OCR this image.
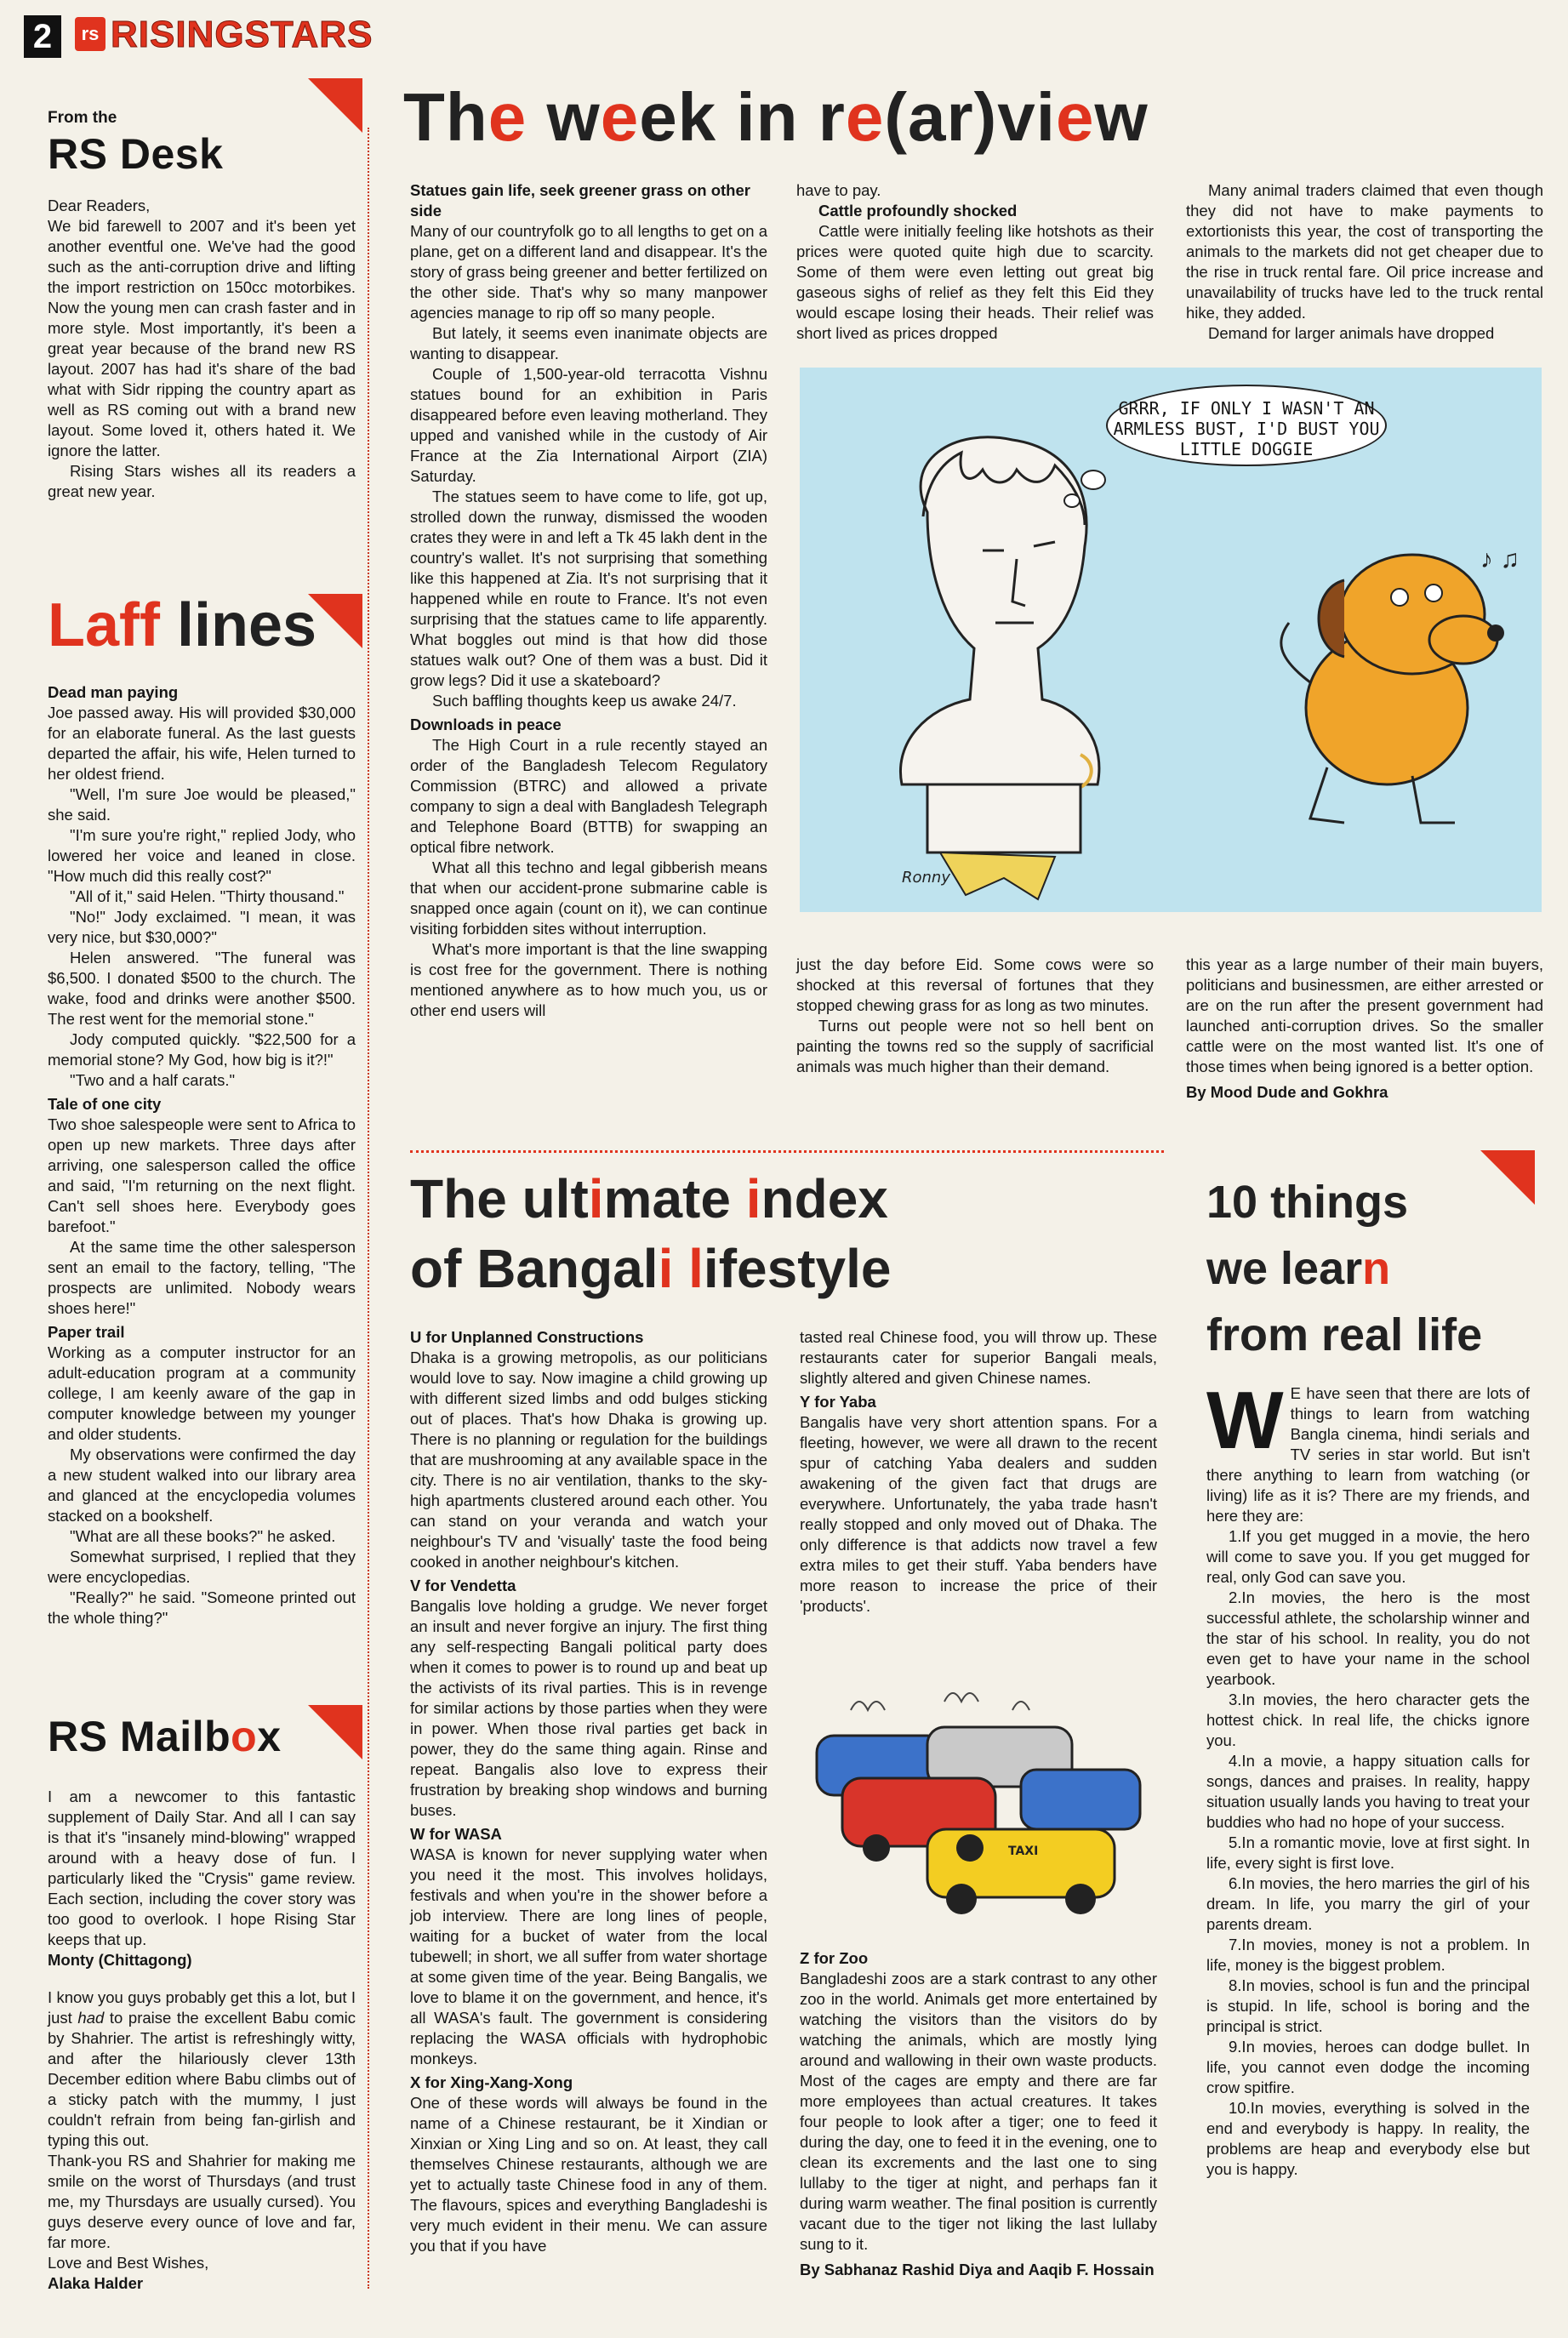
2	rs RISINGSTARS
From the
RS Desk

Dear Readers,

We bid farewell to 2007 and it's been yet another eventful one. We've had the good such as the anti-corruption drive and lifting the import restriction on 150cc motorbikes. Now the young men can crash faster and in more style. Most importantly, it's been a great year because of the brand new RS layout. 2007 has had it's share of the bad what with Sidr ripping the country apart as well as RS coming out with a brand new layout. Some loved it, others hated it. We ignore the latter.

Rising Stars wishes all its readers a great new year.

Laff lines
Dead man paying

Joe passed away. His will provided $30,000 for an elaborate funeral. As the last guests departed the affair, his wife, Helen turned to her oldest friend.

"Well, I'm sure Joe would be pleased," she said.

"I'm sure you're right," replied Jody, who lowered her voice and leaned in close. "How much did this really cost?"

"All of it," said Helen. "Thirty thousand."

"No!" Jody exclaimed. "I mean, it was very nice, but $30,000?"

Helen answered. "The funeral was $6,500. I donated $500 to the church. The wake, food and drinks were another $500. The rest went for the memorial stone."

Jody computed quickly. "$22,500 for a memorial stone? My God, how big is it?!"

"Two and a half carats."

Tale of one city

Two shoe salespeople were sent to Africa to open up new markets. Three days after arriving, one salesperson called the office and said, "I'm returning on the next flight. Can't sell shoes here. Everybody goes barefoot."

At the same time the other salesperson sent an email to the factory, telling, "The prospects are unlimited. Nobody wears shoes here!"

Paper trail

Working as a computer instructor for an adult-education program at a community college, I am keenly aware of the gap in computer knowledge between my younger and older students.

My observations were confirmed the day a new student walked into our library area and glanced at the encyclopedia volumes stacked on a bookshelf.

"What are all these books?" he asked.

Somewhat surprised, I replied that they were encyclopedias.

"Really?" he said. "Someone printed out the whole thing?"

RS Mailbox

I am a newcomer to this fantastic supplement of Daily Star. And all I can say is that it's "insanely mind-blowing" wrapped around with a heavy dose of fun. I particularly liked the "Crysis" game review. Each section, including the cover story was too good to overlook. I hope Rising Star keeps that up.

Monty (Chittagong)

I know you guys probably get this a lot, but I just had to praise the excellent Babu comic by Shahrier. The artist is refreshingly witty, and after the hilariously clever 13th December edition where Babu climbs out of a sticky patch with the mummy, I just couldn't refrain from being fan-girlish and typing this out.

Thank-you RS and Shahrier for making me smile on the worst of Thursdays (and trust me, my Thursdays are usually cursed). You guys deserve every ounce of love and far, far more.

Love and Best Wishes,

Alaka Halder

The week in re(ar)view
Statues gain life, seek greener grass on other side

Many of our countryfolk go to all lengths to get on a plane, get on a different land and disappear. It's the story of grass being greener and better fertilized on the other side. That's why so many manpower agencies manage to rip off so many people.

But lately, it seems even inanimate objects are wanting to disappear.

Couple of 1,500-year-old terracotta Vishnu statues bound for an exhibition in Paris disappeared before even leaving motherland. They upped and vanished while in the custody of Air France at the Zia International Airport (ZIA) Saturday.

The statues seem to have come to life, got up, strolled down the runway, dismissed the wooden crates they were in and left a Tk 45 lakh dent in the country's wallet. It's not surprising that something like this happened at Zia. It's not surprising that it happened while en route to France. It's not even surprising that the statues came to life apparently. What boggles out mind is that how did those statues walk out? One of them was a bust. Did it grow legs? Did it use a skateboard?

Such baffling thoughts keep us awake 24/7.

Downloads in peace

The High Court in a rule recently stayed an order of the Bangladesh Telecom Regulatory Commission (BTRC) and allowed a private company to sign a deal with Bangladesh Telegraph and Telephone Board (BTTB) for swapping an optical fibre network.

What all this techno and legal gibberish means that when our accident-prone submarine cable is snapped once again (count on it), we can continue visiting forbidden sites without interruption.

What's more important is that the line swapping is cost free for the government. There is nothing mentioned anywhere as to how much you, us or other end users will

have to pay.

Cattle profoundly shocked

Cattle were initially feeling like hotshots as their prices were quoted quite high due to scarcity. Some of them were even letting out great big gaseous sighs of relief as they felt this Eid they would escape losing their heads. Their relief was short lived as prices dropped

Many animal traders claimed that even though they did not have to make payments to extortionists this year, the cost of transporting the animals to the markets did not get cheaper due to the rise in truck rental fare. Oil price increase and unavailability of trucks have led to the truck rental hike, they added.

Demand for larger animals have dropped

Ronny
♪ ♫
GRRR, IF ONLY I WASN'T AN ARMLESS BUST, I'D BUST YOU LITTLE DOGGIE

just the day before Eid. Some cows were so shocked at this reversal of fortunes that they stopped chewing grass for as long as two minutes.

Turns out people were not so hell bent on painting the towns red so the supply of sacrificial animals was much higher than their demand.

this year as a large number of their main buyers, politicians and businessmen, are either arrested or are on the run after the present government had launched anti-corruption drives. So the smaller cattle were on the most wanted list. It's one of those times when being ignored is a better option.

By Mood Dude and Gokhra

The ultimate index
of Bangali lifestyle
U for Unplanned Constructions

Dhaka is a growing metropolis, as our politicians would love to say. Now imagine a child growing up with different sized limbs and odd bulges sticking out of places. That's how Dhaka is growing up. There is no planning or regulation for the buildings that are mushrooming at any available space in the city. There is no air ventilation, thanks to the sky-high apartments clustered around each other. You can stand on your veranda and watch your neighbour's TV and 'visually' taste the food being cooked in another neighbour's kitchen.

V for Vendetta

Bangalis love holding a grudge. We never forget an insult and never forgive an injury. The first thing any self-respecting Bangali political party does when it comes to power is to round up and beat up the activists of its rival parties. This is in revenge for similar actions by those parties when they were in power. When those rival parties get back in power, they do the same thing again. Rinse and repeat. Bangalis also love to express their frustration by breaking shop windows and burning buses.

W for WASA

WASA is known for never supplying water when you need it the most. This involves holidays, festivals and when you're in the shower before a job interview. There are long lines of people, waiting for a bucket of water from the local tubewell; in short, we all suffer from water shortage at some given time of the year. Being Bangalis, we love to blame it on the government, and hence, it's all WASA's fault. The government is considering replacing the WASA officials with hydrophobic monkeys.

X for Xing-Xang-Xong

One of these words will always be found in the name of a Chinese restaurant, be it Xindian or Xinxian or Xing Ling and so on. At least, they call themselves Chinese restaurants, although we are yet to actually taste Chinese food in any of them. The flavours, spices and everything Bangladeshi is very much evident in their menu. We can assure you that if you have

tasted real Chinese food, you will throw up. These restaurants cater for superior Bangali meals, slightly altered and given Chinese names.

Y for Yaba

Bangalis have very short attention spans. For a fleeting, however, we were all drawn to the recent spur of catching Yaba dealers and sudden awakening of the given fact that drugs are everywhere. Unfortunately, the yaba trade hasn't really stopped and only moved out of Dhaka. The only difference is that addicts now travel a few extra miles to get their stuff. Yaba benders have more reason to increase the price of their 'products'.

TAXI
Z for Zoo

Bangladeshi zoos are a stark contrast to any other zoo in the world. Animals get more entertained by watching the visitors than the visitors do by watching the animals, which are mostly lying around and wallowing in their own waste products. Most of the cages are empty and there are far more employees than actual creatures. It takes four people to look after a tiger; one to feed it during the day, one to feed it in the evening, one to clean its excrements and the last one to sing lullaby to the tiger at night, and perhaps fan it during warm weather. The final position is currently vacant due to the tiger not liking the last lullaby sung to it.

By Sabhanaz Rashid Diya and Aaqib F. Hossain

10 things
we learn
from real life

W E have seen that there are lots of things to learn from watching Bangla cinema, hindi serials and TV series in star world. But isn't there anything to learn from watching (or living) life as it is? There are my friends, and here they are:

1.If you get mugged in a movie, the hero will come to save you. If you get mugged for real, only God can save you.

2.In movies, the hero is the most successful athlete, the scholarship winner and the star of his school. In reality, you do not even get to have your name in the school yearbook.

3.In movies, the hero character gets the hottest chick. In real life, the chicks ignore you.

4.In a movie, a happy situation calls for songs, dances and praises. In reality, happy situation usually lands you having to treat your buddies who had no hope of your success.

5.In a romantic movie, love at first sight. In life, every sight is first love.

6.In movies, the hero marries the girl of his dream. In life, you marry the girl of your parents dream.

7.In movies, money is not a problem. In life, money is the biggest problem.

8.In movies, school is fun and the principal is stupid. In life, school is boring and the principal is strict.

9.In movies, heroes can dodge bullet. In life, you cannot even dodge the incoming crow spitfire.

10.In movies, everything is solved in the end and everybody is happy. In reality, the problems are heap and everybody else but you is happy.
